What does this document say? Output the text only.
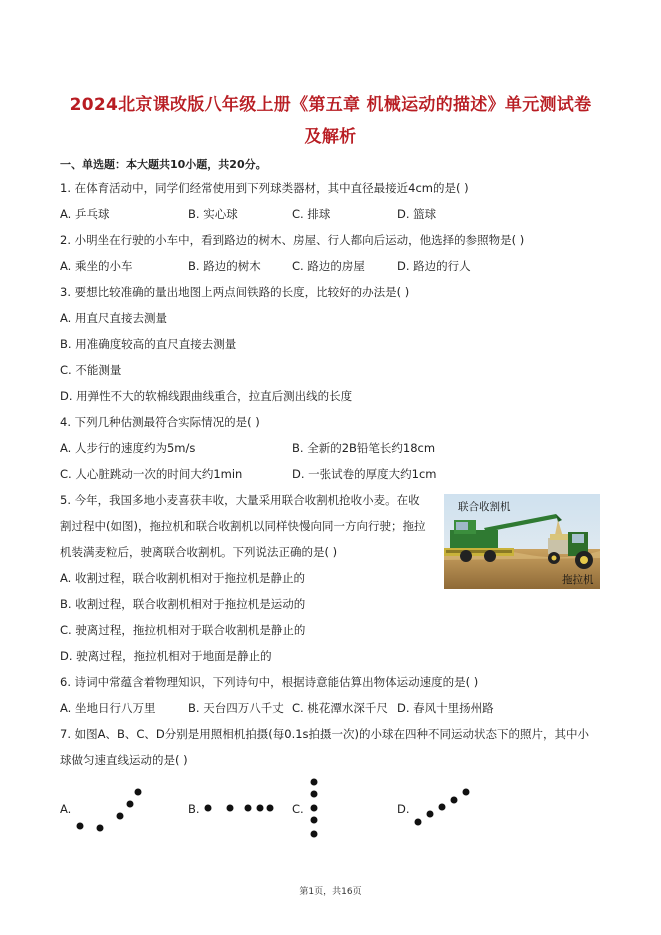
2024北京课改版八年级上册《第五章 机械运动的描述》单元测试卷
及解析
一、单选题：本大题共10小题，共20分。
1. 在体育活动中，同学们经常使用到下列球类器材，其中直径最接近4cm的是( )
A. 乒乓球	B. 实心球	C. 排球	D. 篮球
2. 小明坐在行驶的小车中，看到路边的树木、房屋、行人都向后运动，他选择的参照物是( )
A. 乘坐的小车	B. 路边的树木	C. 路边的房屋	D. 路边的行人
3. 要想比较准确的量出地图上两点间铁路的长度，比较好的办法是( )
A. 用直尺直接去测量
B. 用准确度较高的直尺直接去测量
C. 不能测量
D. 用弹性不大的软棉线跟曲线重合，拉直后测出线的长度
4. 下列几种估测最符合实际情况的是( )
A. 人步行的速度约为5m/s	B. 全新的2B铅笔长约18cm
C. 人心脏跳动一次的时间大约1min	D. 一张试卷的厚度大约1cm
5. 今年，我国多地小麦喜获丰收，大量采用联合收割机抢收小麦。在收
割过程中(如图)，拖拉机和联合收割机以同样快慢向同一方向行驶；拖拉
机装满麦粒后，驶离联合收割机。下列说法正确的是( )
A. 收割过程，联合收割机相对于拖拉机是静止的
B. 收割过程，联合收割机相对于拖拉机是运动的
C. 驶离过程，拖拉机相对于联合收割机是静止的
D. 驶离过程，拖拉机相对于地面是静止的
联合收割机
拖拉机
6. 诗词中常蕴含着物理知识，下列诗句中，根据诗意能估算出物体运动速度的是( )
A. 坐地日行八万里	B. 天台四万八千丈 C. 桃花潭水深千尺 D. 春风十里扬州路
7. 如图A、B、C、D分别是用照相机拍摄(每0.1s拍摄一次)的小球在四种不同运动状态下的照片，其中小
球做匀速直线运动的是( )
A.	B.	C.	D.
第1页，共16页
